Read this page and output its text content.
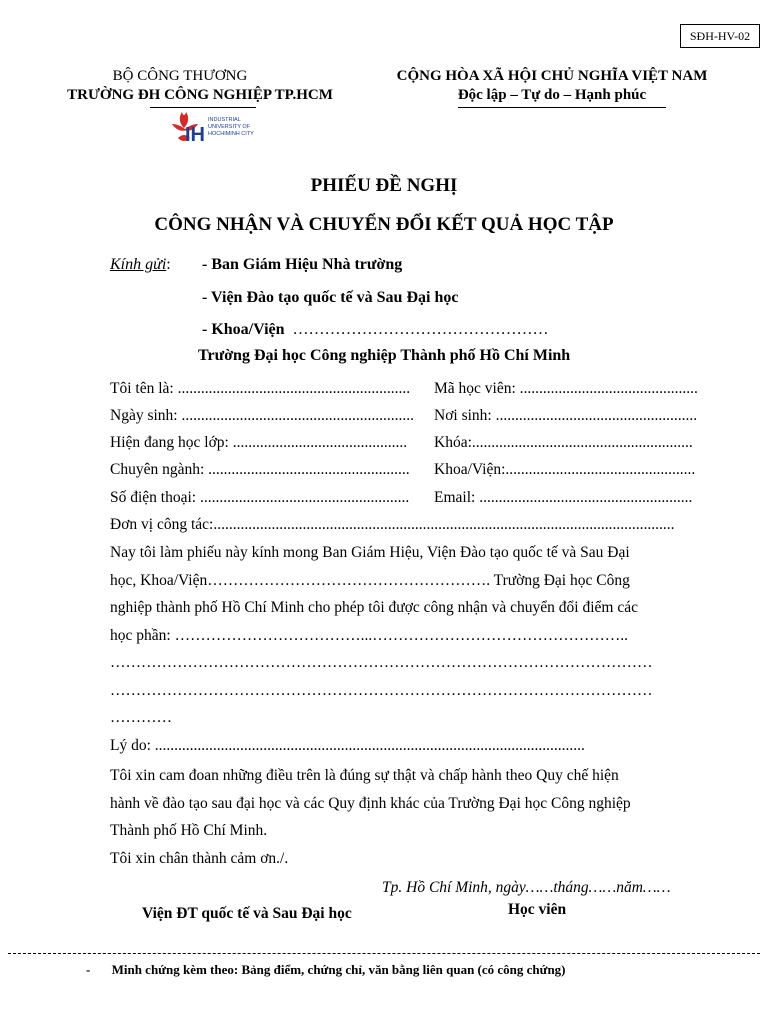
SĐH-HV-02
BỘ CÔNG THƯƠNG
TRƯỜNG ĐH CÔNG NGHIỆP TP.HCM
IH
INDUSTRIAL
UNIVERSITY OF
HOCHIMINH CITY
CỘNG HÒA XÃ HỘI CHỦ NGHĨA VIỆT NAM
Độc lập – Tự do – Hạnh phúc
PHIẾU ĐỀ NGHỊ
CÔNG NHẬN VÀ CHUYỂN ĐỔI KẾT QUẢ HỌC TẬP
Kính gửi: - Ban Giám Hiệu Nhà trường
- Viện Đào tạo quốc tế và Sau Đại học
- Khoa/Viện …………………………………………
Trường Đại học Công nghiệp Thành phố Hồ Chí Minh
Tôi tên là: ............................................................ Mã học viên: ..............................................
Ngày sinh: ............................................................ Nơi sinh: ....................................................
Hiện đang học lớp: ............................................. Khóa:.........................................................
Chuyên ngành: .................................................... Khoa/Viện:.................................................
Số điện thoại: ...................................................... Email: .......................................................
Đơn vị công tác:.......................................................................................................................
Nay tôi làm phiếu này kính mong Ban Giám Hiệu, Viện Đào tạo quốc tế và Sau Đại
học, Khoa/Viện………………………………………………. Trường Đại học Công
nghiệp thành phố Hồ Chí Minh cho phép tôi được công nhận và chuyển đổi điểm các
học phần: ………………………………...…………………………………………..
……………………………………………………………………………………………
……………………………………………………………………………………………
…………
Lý do: ...............................................................................................................
Tôi xin cam đoan những điều trên là đúng sự thật và chấp hành theo Quy chế hiện
hành về đào tạo sau đại học và các Quy định khác của Trường Đại học Công nghiệp
Thành phố Hồ Chí Minh.
Tôi xin chân thành cảm ơn./.
Tp. Hồ Chí Minh, ngày……tháng……năm……
Viện ĐT quốc tế và Sau Đại học	Học viên
- Minh chứng kèm theo: Bảng điểm, chứng chỉ, văn bằng liên quan (có công chứng)
